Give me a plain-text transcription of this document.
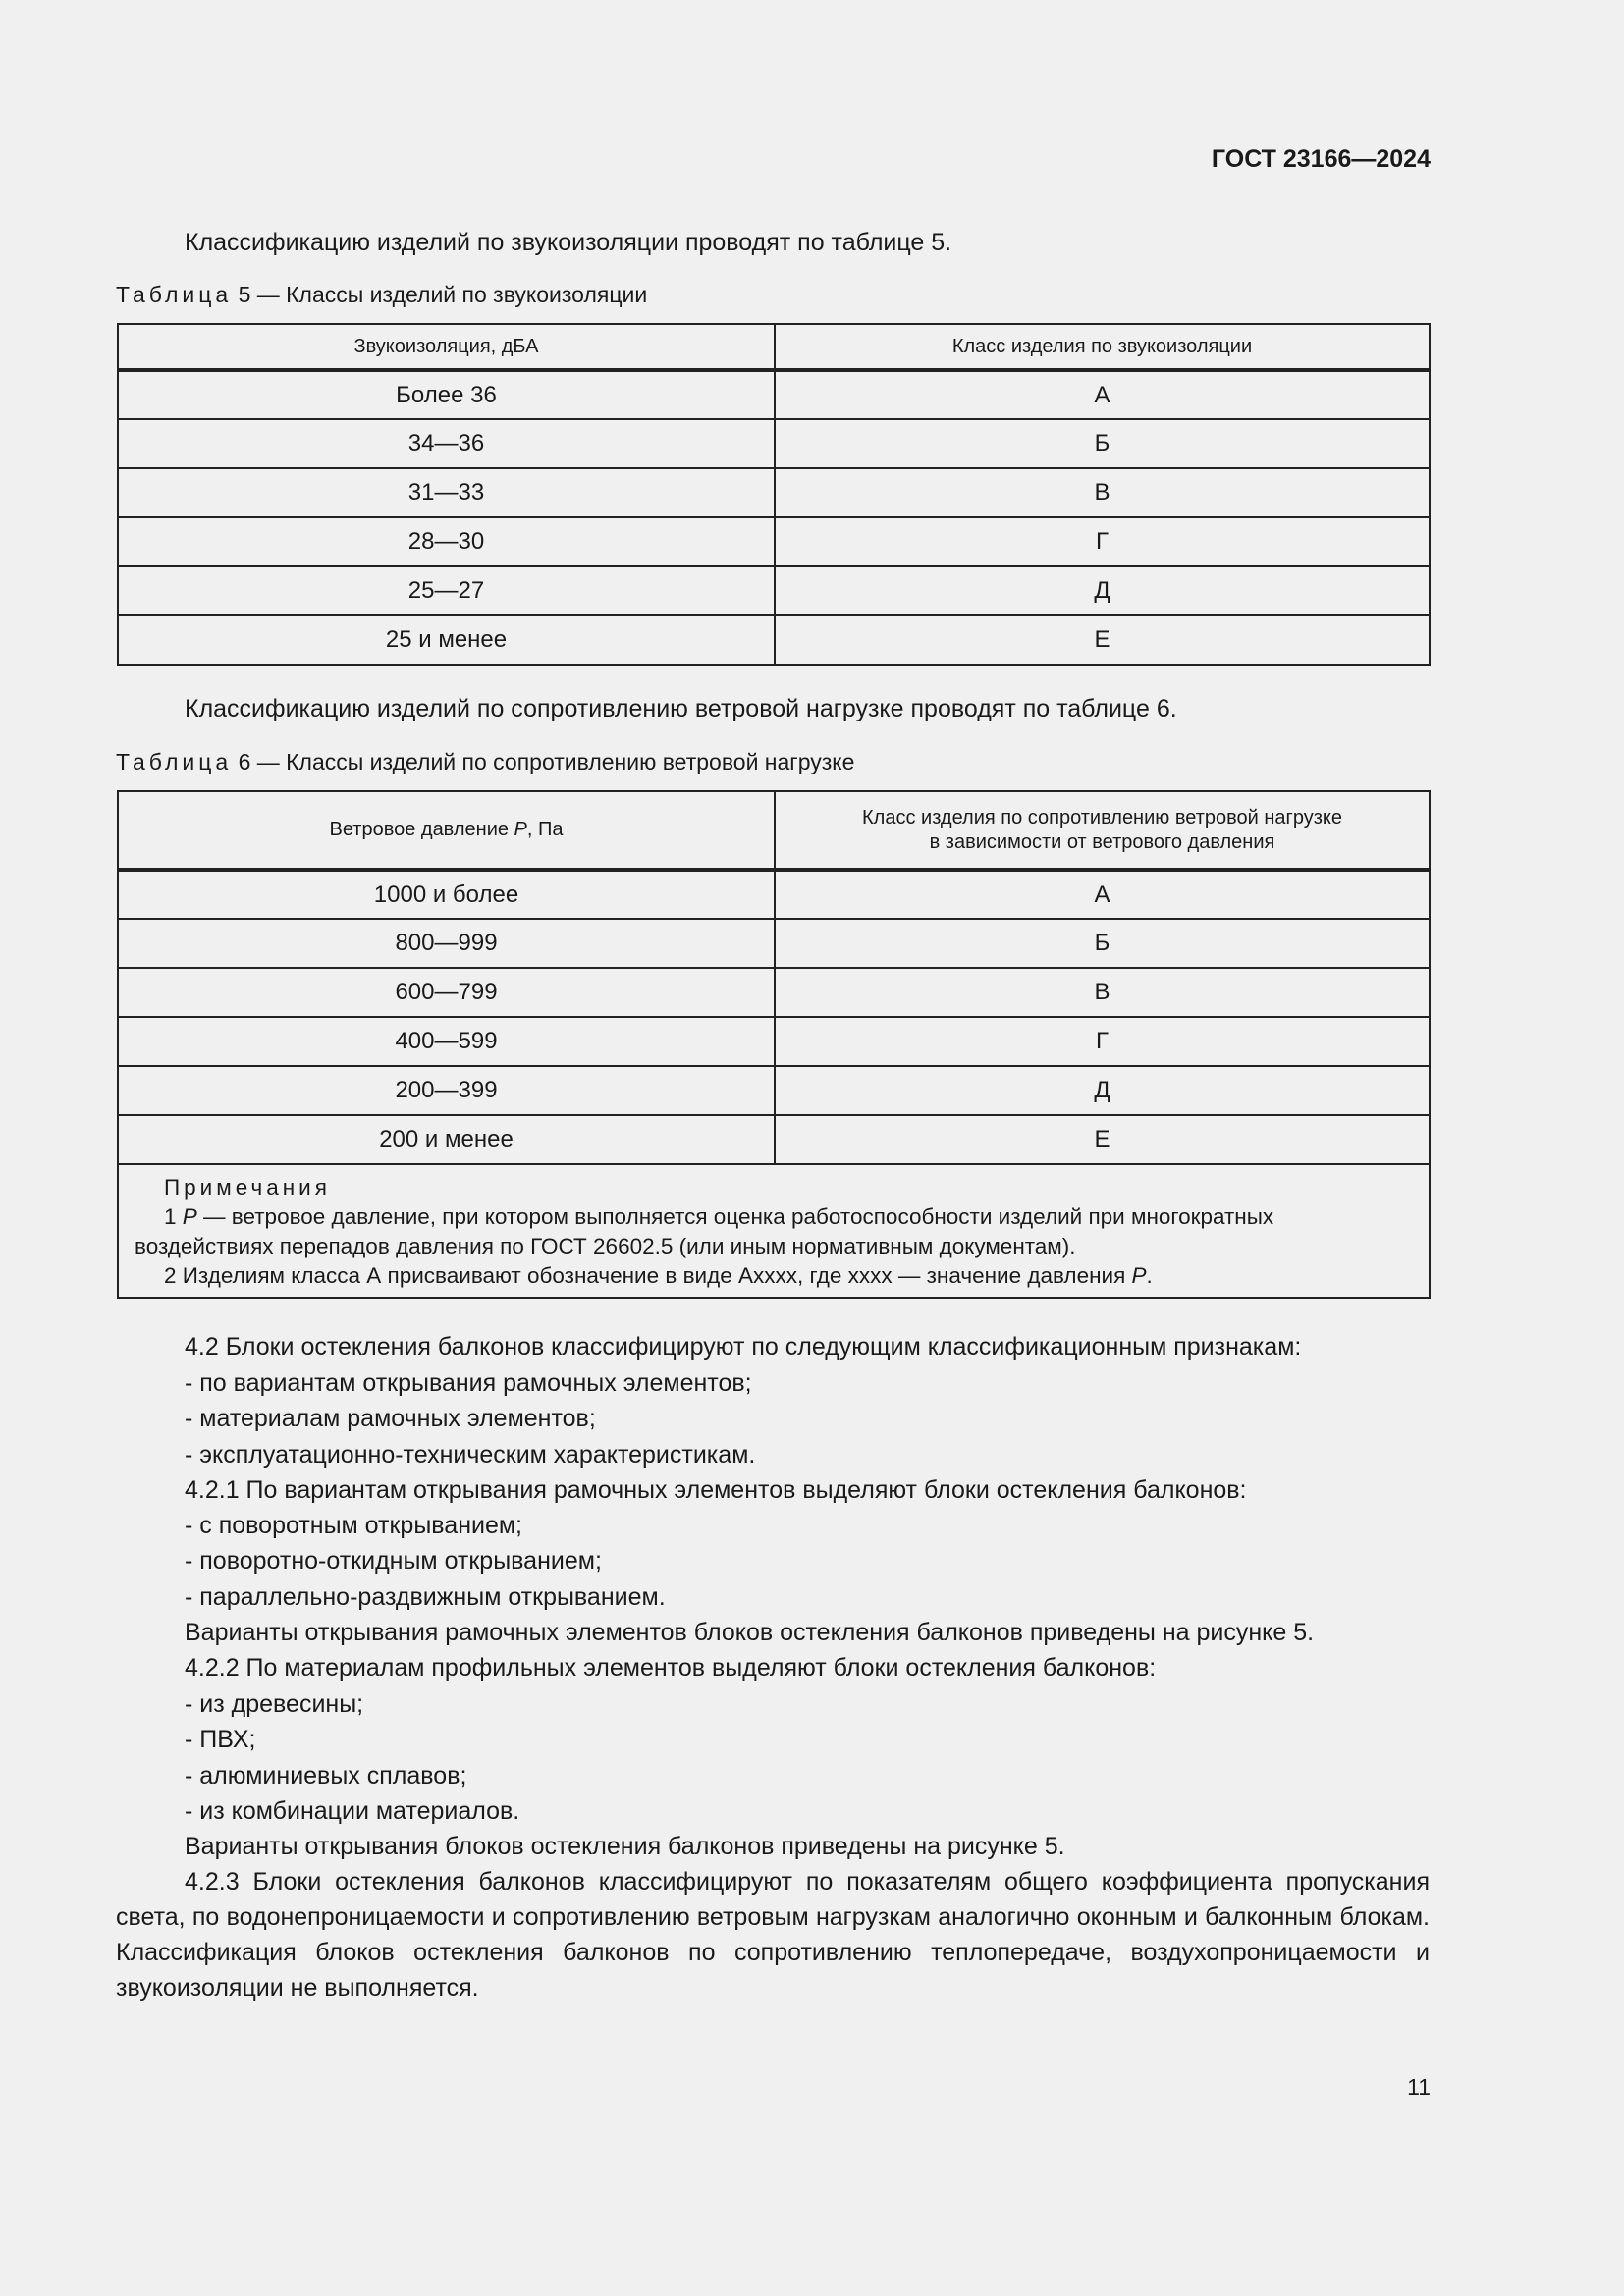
ГОСТ 23166—2024
Классификацию изделий по звукоизоляции проводят по таблице 5.
Таблица 5 — Классы изделий по звукоизоляции
Звукоизоляция, дБА	Класс изделия по звукоизоляции
Более 36	А
34—36	Б
31—33	В
28—30	Г
25—27	Д
25 и менее	Е
Классификацию изделий по сопротивлению ветровой нагрузке проводят по таблице 6.
Таблица 6 — Классы изделий по сопротивлению ветровой нагрузке
Ветровое давление P, Па	Класс изделия по сопротивлению ветровой нагрузке
в зависимости от ветрового давления
1000 и более	А
800—999	Б
600—799	В
400—599	Г
200—399	Д
200 и менее	Е

Примечания
1 P — ветровое давление, при котором выполняется оценка работоспособности изделий при многократных воздействиях перепадов давления по ГОСТ 26602.5 (или иным нормативным документам).
2 Изделиям класса А присваивают обозначение в виде Аxxxx, где xxxx — значение давления P.	
4.2 Блоки остекления балконов классифицируют по следующим классификационным признакам:
- по вариантам открывания рамочных элементов;
- материалам рамочных элементов;
- эксплуатационно-техническим характеристикам.
4.2.1 По вариантам открывания рамочных элементов выделяют блоки остекления балконов:
- с поворотным открыванием;
- поворотно-откидным открыванием;
- параллельно-раздвижным открыванием.
Варианты открывания рамочных элементов блоков остекления балконов приведены на рисунке 5.
4.2.2 По материалам профильных элементов выделяют блоки остекления балконов:
- из древесины;
- ПВХ;
- алюминиевых сплавов;
- из комбинации материалов.
Варианты открывания блоков остекления балконов приведены на рисунке 5.
4.2.3 Блоки остекления балконов классифицируют по показателям общего коэффициента пропускания света, по водонепроницаемости и сопротивлению ветровым нагрузкам аналогично оконным и балконным блокам. Классификация блоков остекления балконов по сопротивлению теплопередаче, воздухопроницаемости и звукоизоляции не выполняется.
11
